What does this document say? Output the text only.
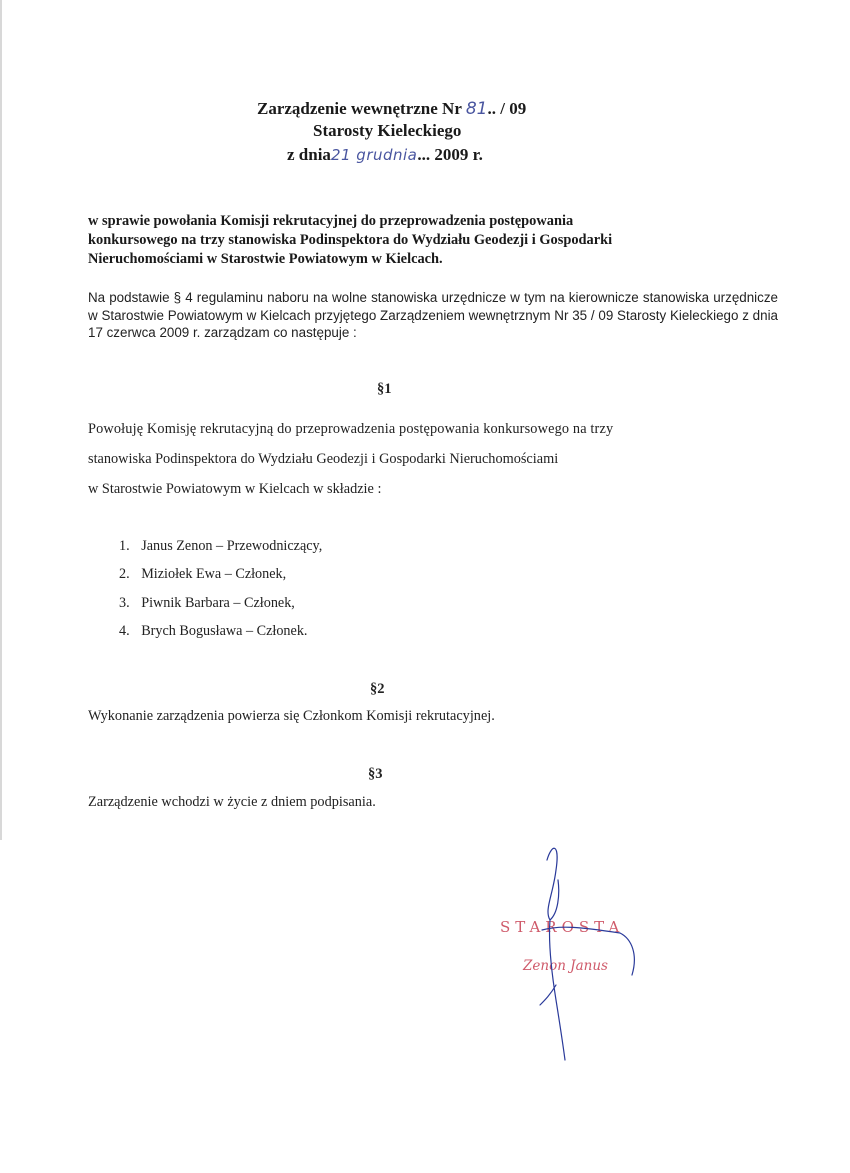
Zarządzenie wewnętrzne Nr 81.. / 09
Starosty Kieleckiego
z dnia21 grudnia... 2009 r.
w sprawie powołania Komisji rekrutacyjnej do przeprowadzenia postępowania
konkursowego na trzy stanowiska Podinspektora do Wydziału Geodezji i Gospodarki
Nieruchomościami w Starostwie Powiatowym w Kielcach.
Na podstawie § 4 regulaminu naboru na wolne stanowiska urzędnicze w tym na kierownicze stanowiska urzędnicze w Starostwie Powiatowym w Kielcach przyjętego Zarządzeniem wewnętrznym Nr 35 / 09 Starosty Kieleckiego z dnia 17 czerwca 2009 r. zarządzam co następuje :
§1
Powołuję Komisję rekrutacyjną do przeprowadzenia postępowania konkursowego na trzy
stanowiska Podinspektora do Wydziału Geodezji i Gospodarki Nieruchomościami
w Starostwie Powiatowym w Kielcach w składzie :
1. Janus Zenon – Przewodniczący,
2. Miziołek Ewa – Członek,
3. Piwnik Barbara – Członek,
4. Brych Bogusława – Członek.
§2
Wykonanie zarządzenia powierza się Członkom Komisji rekrutacyjnej.
§3
Zarządzenie wchodzi w życie z dniem podpisania.
STAROSTA
Zenon Janus
